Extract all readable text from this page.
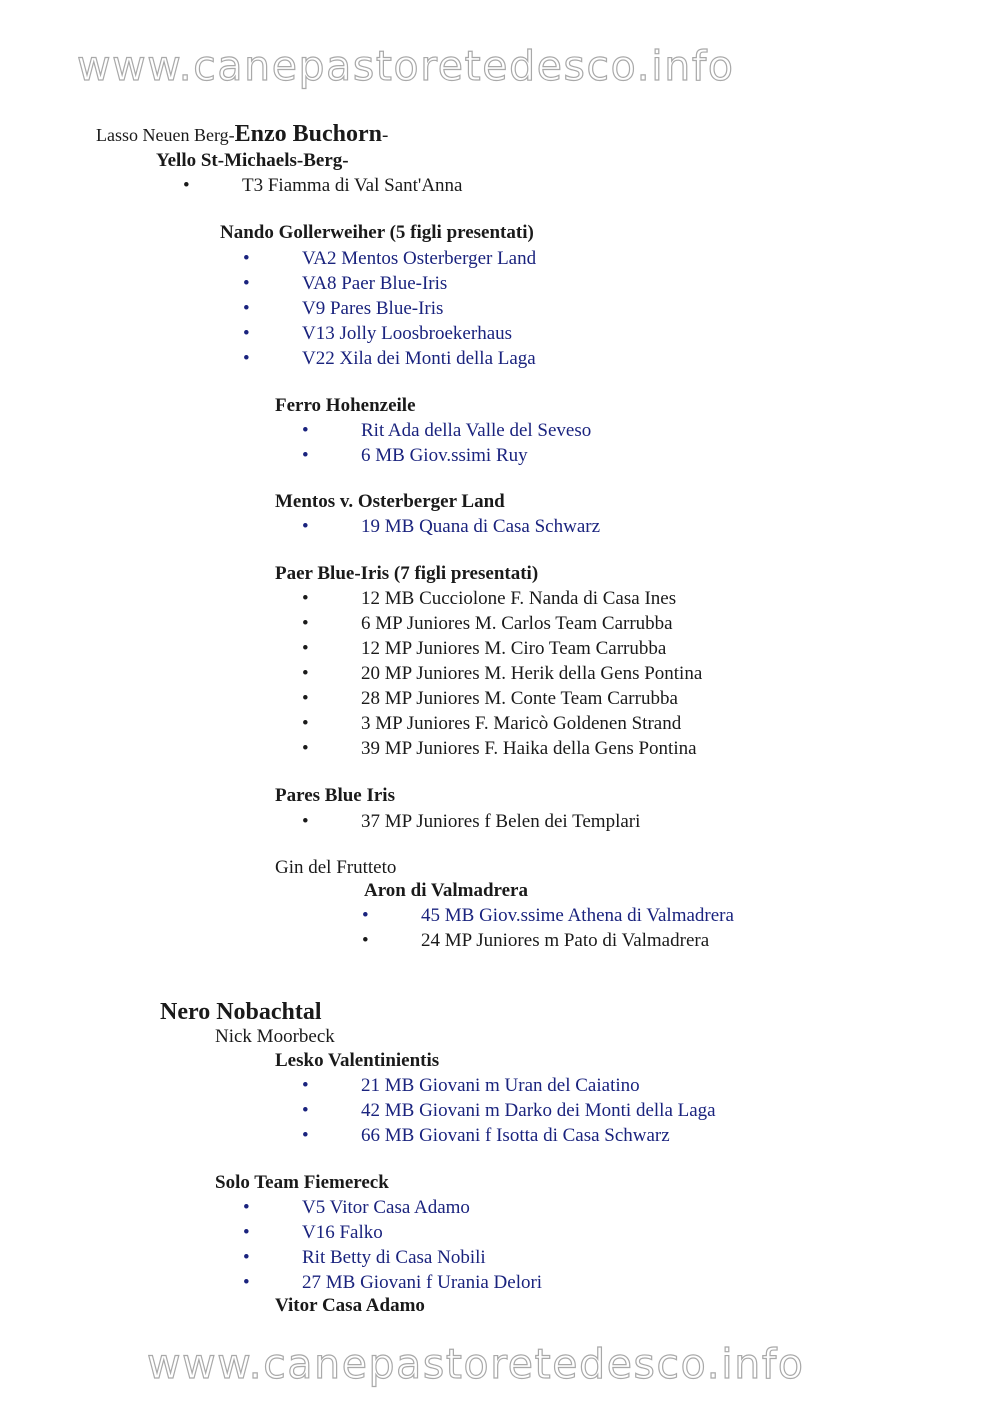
www.canepastoretedesco.info
Lasso Neuen Berg-Enzo Buchorn-
Yello St-Michaels-Berg-
•	T3 Fiamma di Val Sant'Anna
Nando Gollerweiher (5 figli presentati)
•	VA2 Mentos Osterberger Land
•	VA8 Paer Blue-Iris
•	V9 Pares Blue-Iris
•	V13 Jolly Loosbroekerhaus
•	V22 Xila dei Monti della Laga
Ferro Hohenzeile
•	Rit Ada della Valle del Seveso
•	6 MB Giov.ssimi Ruy
Mentos v. Osterberger Land
•	19 MB Quana di Casa Schwarz
Paer Blue-Iris (7 figli presentati)
•	12 MB Cucciolone F. Nanda di Casa Ines
•	6 MP Juniores M. Carlos Team Carrubba
•	12 MP Juniores M. Ciro Team Carrubba
•	20 MP Juniores M. Herik della Gens Pontina
•	28 MP Juniores M. Conte Team Carrubba
•	3 MP Juniores F. Maricò Goldenen Strand
•	39 MP Juniores F. Haika della Gens Pontina
Pares Blue Iris
•	37 MP Juniores f Belen dei Templari
Gin del Frutteto
Aron di Valmadrera
•	45 MB Giov.ssime Athena di Valmadrera
•	24 MP Juniores m Pato di Valmadrera
Nero Nobachtal
Nick Moorbeck
Lesko Valentinientis
•	21 MB Giovani m Uran del Caiatino
•	42 MB Giovani m Darko dei Monti della Laga
•	66 MB Giovani f Isotta di Casa Schwarz
Solo Team Fiemereck
•	V5 Vitor Casa Adamo
•	V16 Falko
•	Rit Betty di Casa Nobili
•	27 MB Giovani f Urania Delori
Vitor Casa Adamo
www.canepastoretedesco.info
